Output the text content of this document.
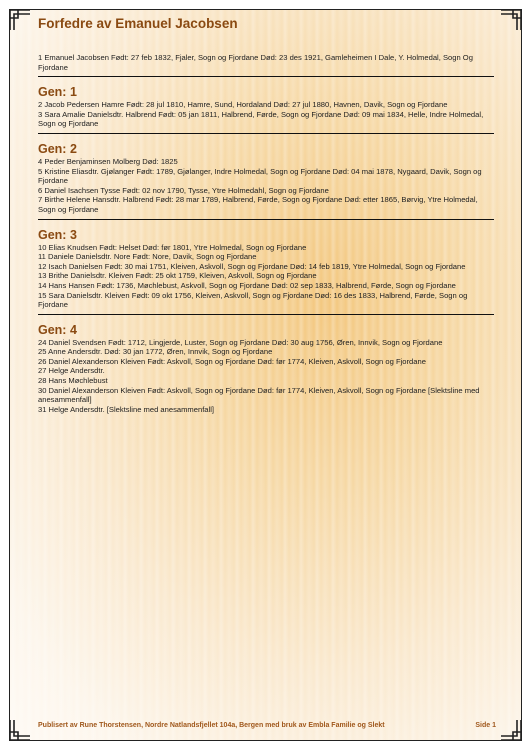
Forfedre av Emanuel Jacobsen
1 Emanuel Jacobsen Født: 27 feb 1832, Fjaler, Sogn og Fjordane Død: 23 des 1921, Gamleheimen I Dale, Y. Holmedal, Sogn Og Fjordane
Gen: 1
2 Jacob Pedersen Hamre Født: 28 jul 1810, Hamre, Sund, Hordaland Død: 27 jul 1880, Havnen, Davik, Sogn og Fjordane
3 Sara Amalie Danielsdtr. Halbrend Født: 05 jan 1811, Halbrend, Førde, Sogn og Fjordane Død: 09 mai 1834, Helle, Indre Holmedal, Sogn og Fjordane
Gen: 2
4 Peder Benjaminsen Molberg Død: 1825
5 Kristine Eliasdtr. Gjølanger Født: 1789, Gjølanger, Indre Holmedal, Sogn og Fjordane Død: 04 mai 1878, Nygaard, Davik, Sogn og Fjordane
6 Daniel Isachsen Tysse Født: 02 nov 1790, Tysse, Ytre Holmedahl, Sogn og Fjordane
7 Birthe Helene Hansdtr. Halbrend Født: 28 mar 1789, Halbrend, Førde, Sogn og Fjordane Død: etter 1865, Børvig, Ytre Holmedal, Sogn og Fjordane
Gen: 3
10 Elias Knudsen Født: Helset Død: før 1801, Ytre Holmedal, Sogn og Fjordane
11 Daniele Danielsdtr. Nore Født: Nore, Davik, Sogn og Fjordane
12 Isach Danielsen Født: 30 mai 1751, Kleiven, Askvoll, Sogn og Fjordane Død: 14 feb 1819, Ytre Holmedal, Sogn og Fjordane
13 Brithe Danielsdtr. Kleiven Født: 25 okt 1759, Kleiven, Askvoll, Sogn og Fjordane
14 Hans Hansen Født: 1736, Møchlebust, Askvoll, Sogn og Fjordane Død: 02 sep 1833, Halbrend, Førde, Sogn og Fjordane
15 Sara Danielsdtr. Kleiven Født: 09 okt 1756, Kleiven, Askvoll, Sogn og Fjordane Død: 16 des 1833, Halbrend, Førde, Sogn og Fjordane
Gen: 4
24 Daniel Svendsen Født: 1712, Lingjerde, Luster, Sogn og Fjordane Død: 30 aug 1756, Øren, Innvik, Sogn og Fjordane
25 Anne Andersdtr. Død: 30 jan 1772, Øren, Innvik, Sogn og Fjordane
26 Daniel Alexanderson Kleiven Født: Askvoll, Sogn og Fjordane Død: før 1774, Kleiven, Askvoll, Sogn og Fjordane
27 Helge Andersdtr.
28 Hans Møchlebust
30 Daniel Alexanderson Kleiven Født: Askvoll, Sogn og Fjordane Død: før 1774, Kleiven, Askvoll, Sogn og Fjordane [Slektsline med anesammenfall]
31 Helge Andersdtr. [Slektsline med anesammenfall]
Publisert av Rune Thorstensen, Nordre Natlandsfjellet 104a, Bergen med bruk av Embla Familie og Slekt	Side 1
